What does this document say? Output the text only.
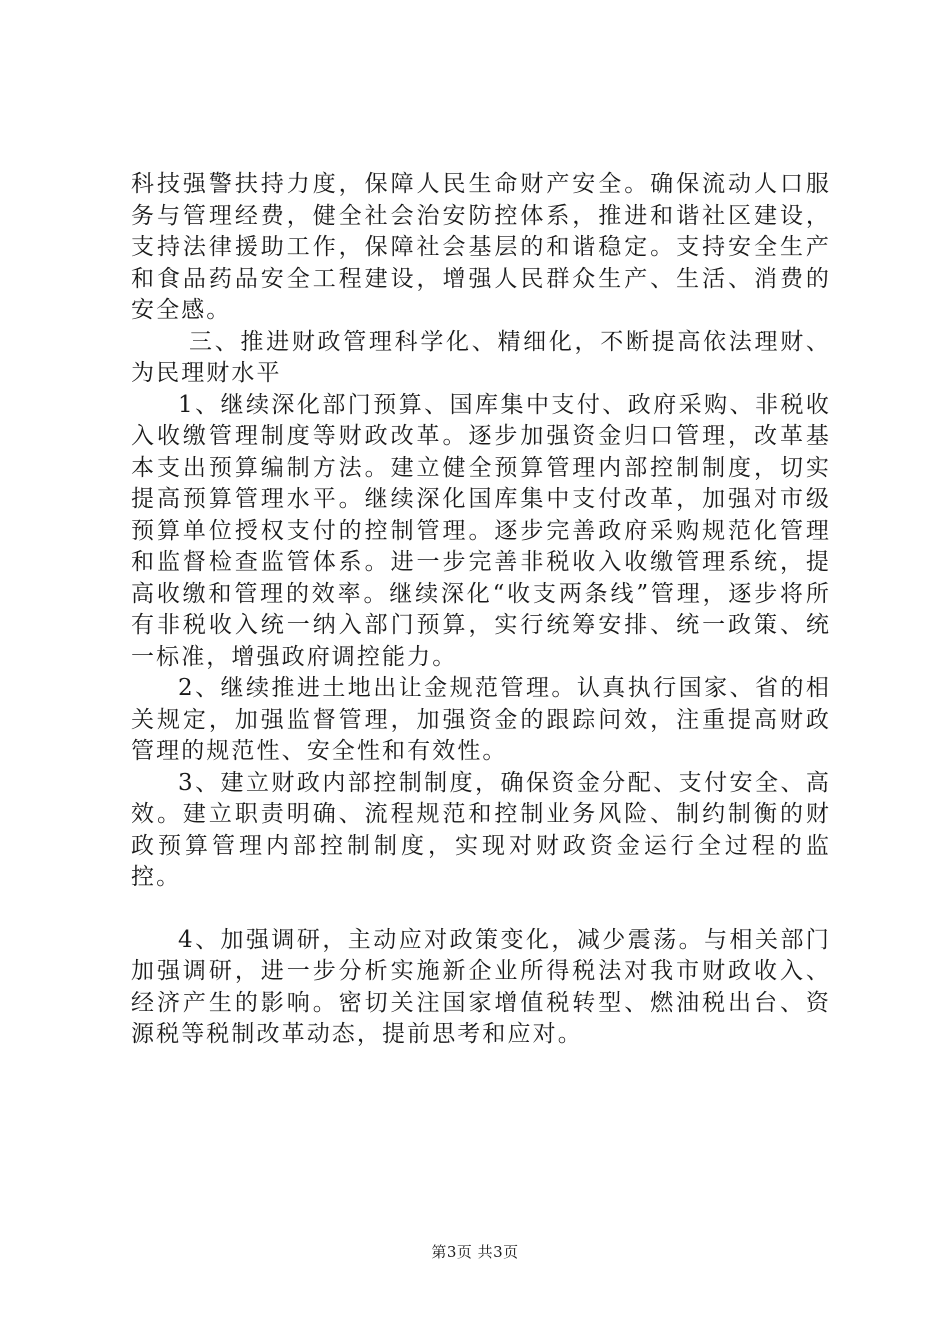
科技强警扶持力度，保障人民生命财产安全。确保流动人口服务与管理经费，健全社会治安防控体系，推进和谐社区建设，支持法律援助工作，保障社会基层的和谐稳定。支持安全生产和食品药品安全工程建设，增强人民群众生产、生活、消费的安全感。

三、推进财政管理科学化、精细化，不断提高依法理财、为民理财水平

1、继续深化部门预算、国库集中支付、政府采购、非税收入收缴管理制度等财政改革。逐步加强资金归口管理，改革基本支出预算编制方法。建立健全预算管理内部控制制度，切实提高预算管理水平。继续深化国库集中支付改革，加强对市级预算单位授权支付的控制管理。逐步完善政府采购规范化管理和监督检查监管体系。进一步完善非税收入收缴管理系统，提高收缴和管理的效率。继续深化“收支两条线”管理，逐步将所有非税收入统一纳入部门预算，实行统筹安排、统一政策、统一标准，增强政府调控能力。

2、继续推进土地出让金规范管理。认真执行国家、省的相关规定，加强监督管理，加强资金的跟踪问效，注重提高财政管理的规范性、安全性和有效性。

3、建立财政内部控制制度，确保资金分配、支付安全、高效。建立职责明确、流程规范和控制业务风险、制约制衡的财政预算管理内部控制制度，实现对财政资金运行全过程的监控。

4、加强调研，主动应对政策变化，减少震荡。与相关部门加强调研，进一步分析实施新企业所得税法对我市财政收入、经济产生的影响。密切关注国家增值税转型、燃油税出台、资源税等税制改革动态，提前思考和应对。

第3页 共3页
